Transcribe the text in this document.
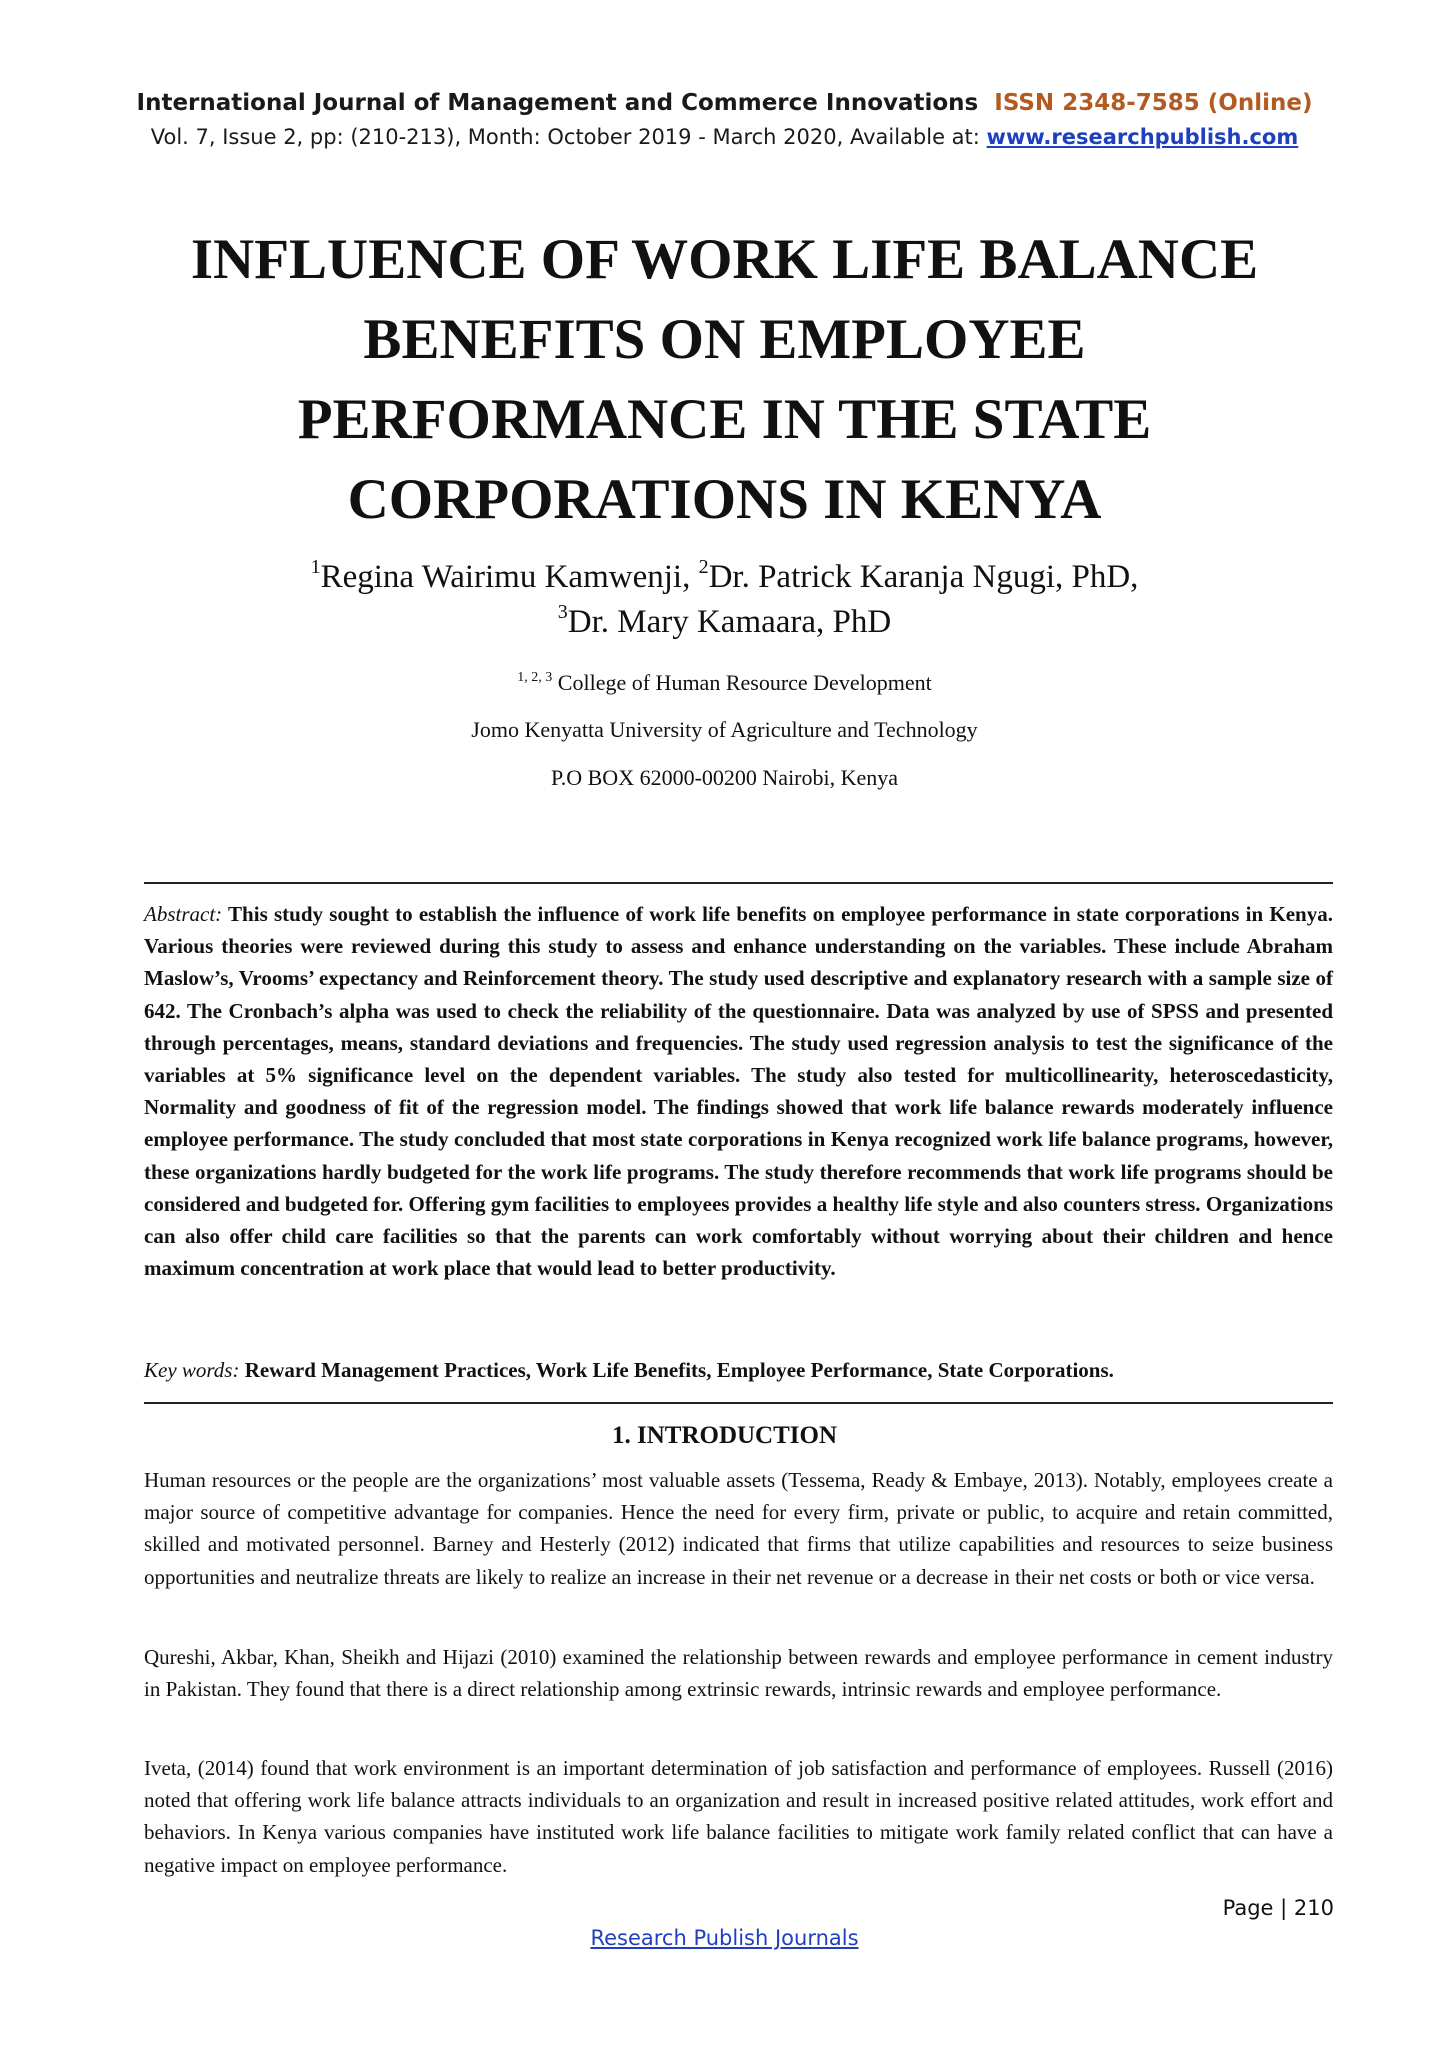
International Journal of Management and Commerce Innovations ISSN 2348-7585 (Online)
Vol. 7, Issue 2, pp: (210-213), Month: October 2019 - March 2020, Available at: www.researchpublish.com
INFLUENCE OF WORK LIFE BALANCE
BENEFITS ON EMPLOYEE
PERFORMANCE IN THE STATE
CORPORATIONS IN KENYA
$^1$Regina Wairimu Kamwenji, $^2$Dr. Patrick Karanja Ngugi, PhD,
$^3$Dr. Mary Kamaara, PhD
$^{1, 2, 3}$ College of Human Resource Development
Jomo Kenyatta University of Agriculture and Technology
P.O BOX 62000-00200 Nairobi, Kenya
Abstract: This study sought to establish the influence of work life benefits on employee performance in state corporations in Kenya. Various theories were reviewed during this study to assess and enhance understanding on the variables. These include Abraham Maslow’s, Vrooms’ expectancy and Reinforcement theory. The study used descriptive and explanatory research with a sample size of 642. The Cronbach’s alpha was used to check the reliability of the questionnaire. Data was analyzed by use of SPSS and presented through percentages, means, standard deviations and frequencies. The study used regression analysis to test the significance of the variables at 5% significance level on the dependent variables. The study also tested for multicollinearity, heteroscedasticity, Normality and goodness of fit of the regression model. The findings showed that work life balance rewards moderately influence employee performance. The study concluded that most state corporations in Kenya recognized work life balance programs, however, these organizations hardly budgeted for the work life programs. The study therefore recommends that work life programs should be considered and budgeted for. Offering gym facilities to employees provides a healthy life style and also counters stress. Organizations can also offer child care facilities so that the parents can work comfortably without worrying about their children and hence maximum concentration at work place that would lead to better productivity.
Key words: Reward Management Practices, Work Life Benefits, Employee Performance, State Corporations.
1. INTRODUCTION
Human resources or the people are the organizations’ most valuable assets (Tessema, Ready & Embaye, 2013). Notably, employees create a major source of competitive advantage for companies. Hence the need for every firm, private or public, to acquire and retain committed, skilled and motivated personnel. Barney and Hesterly (2012) indicated that firms that utilize capabilities and resources to seize business opportunities and neutralize threats are likely to realize an increase in their net revenue or a decrease in their net costs or both or vice versa.
Qureshi, Akbar, Khan, Sheikh and Hijazi (2010) examined the relationship between rewards and employee performance in cement industry in Pakistan. They found that there is a direct relationship among extrinsic rewards, intrinsic rewards and employee performance.
Iveta, (2014) found that work environment is an important determination of job satisfaction and performance of employees. Russell (2016) noted that offering work life balance attracts individuals to an organization and result in increased positive related attitudes, work effort and behaviors. In Kenya various companies have instituted work life balance facilities to mitigate work family related conflict that can have a negative impact on employee performance.
Page | 210
Research Publish Journals
